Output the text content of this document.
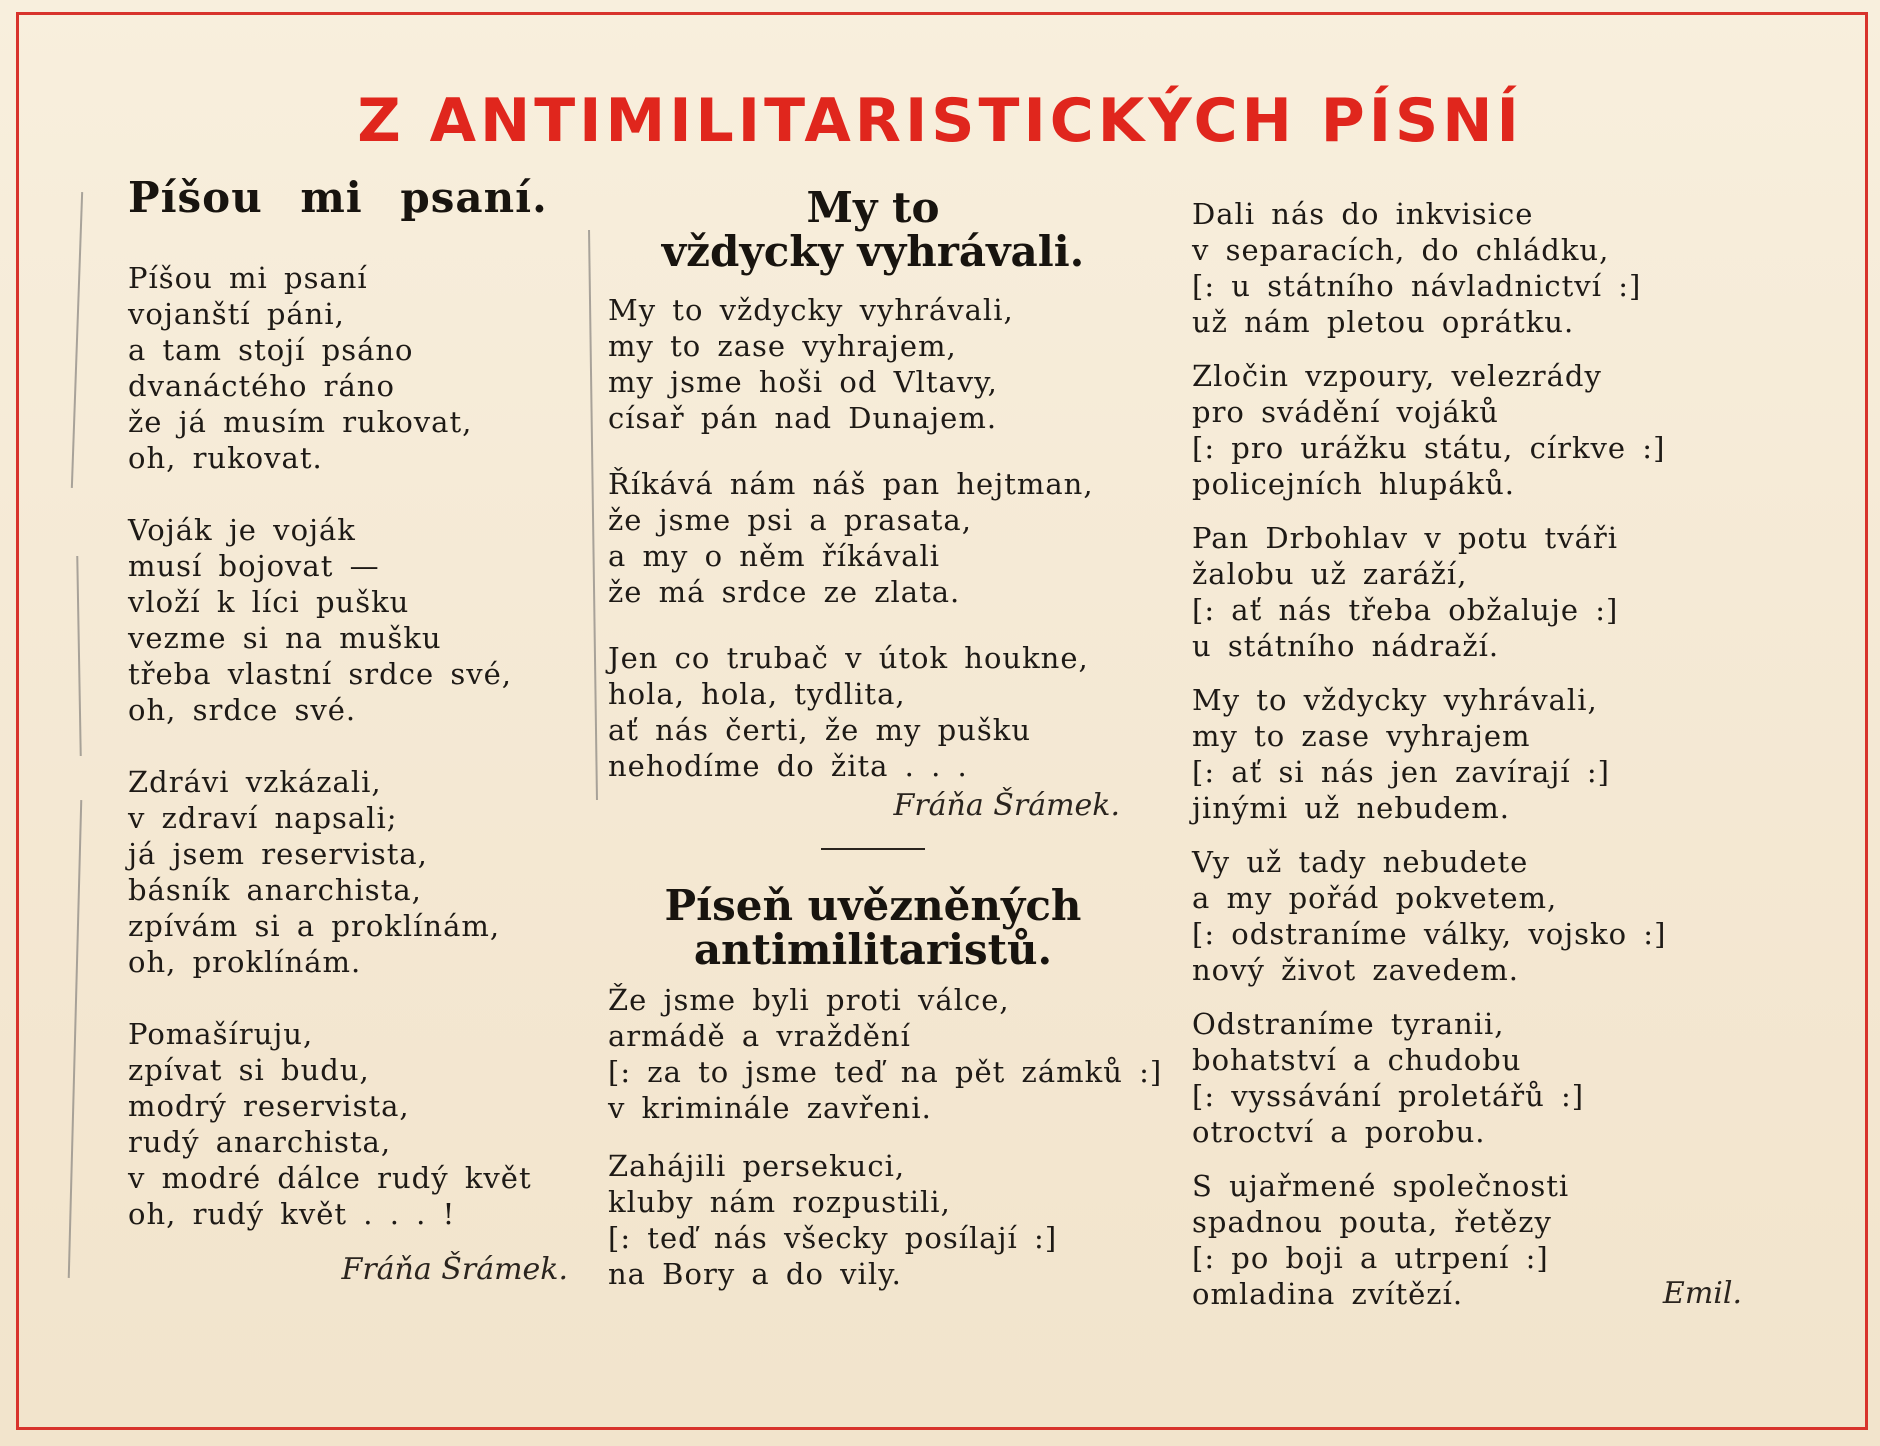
Z ANTIMILITARISTICKÝCH PÍSNÍ
Píšou mi psaní.
Píšou mi psaní
vojanští páni,
a tam stojí psáno
dvanáctého ráno
že já musím rukovat,
oh, rukovat.
Voják je voják
musí bojovat —
vloží k líci pušku
vezme si na mušku
třeba vlastní srdce své,
oh, srdce své.
Zdrávi vzkázali,
v zdraví napsali;
já jsem reservista,
básník anarchista,
zpívám si a proklínám,
oh, proklínám.
Pomašíruju,
zpívat si budu,
modrý reservista,
rudý anarchista,
v modré dálce rudý květ
oh, rudý květ . . . !
Fráňa Šrámek.
My to
vždycky vyhrávali.
My to vždycky vyhrávali,
my to zase vyhrajem,
my jsme hoši od Vltavy,
císař pán nad Dunajem.
Říkává nám náš pan hejtman,
že jsme psi a prasata,
a my o něm říkávali
že má srdce ze zlata.
Jen co trubač v útok houkne,
hola, hola, tydlita,
ať nás čerti, že my pušku
nehodíme do žita . . .
Fráňa Šrámek.
Píseň uvězněných
antimilitaristů.
Že jsme byli proti válce,
armádě a vraždění
[: za to jsme teď na pět zámků :]
v kriminále zavřeni.
Zahájili persekuci,
kluby nám rozpustili,
[: teď nás všecky posílají :]
na Bory a do vily.
Dali nás do inkvisice
v separacích, do chládku,
[: u státního návladnictví :]
už nám pletou oprátku.
Zločin vzpoury, velezrády
pro svádění vojáků
[: pro urážku státu, církve :]
policejních hlupáků.
Pan Drbohlav v potu tváři
žalobu už zaráží,
[: ať nás třeba obžaluje :]
u státního nádraží.
My to vždycky vyhrávali,
my to zase vyhrajem
[: ať si nás jen zavírají :]
jinými už nebudem.
Vy už tady nebudete
a my pořád pokvetem,
[: odstraníme války, vojsko :]
nový život zavedem.
Odstraníme tyranii,
bohatství a chudobu
[: vyssávání proletářů :]
otroctví a porobu.
S ujařmené společnosti
spadnou pouta, řetězy
[: po boji a utrpení :]
omladina zvítězí.	Emil.
